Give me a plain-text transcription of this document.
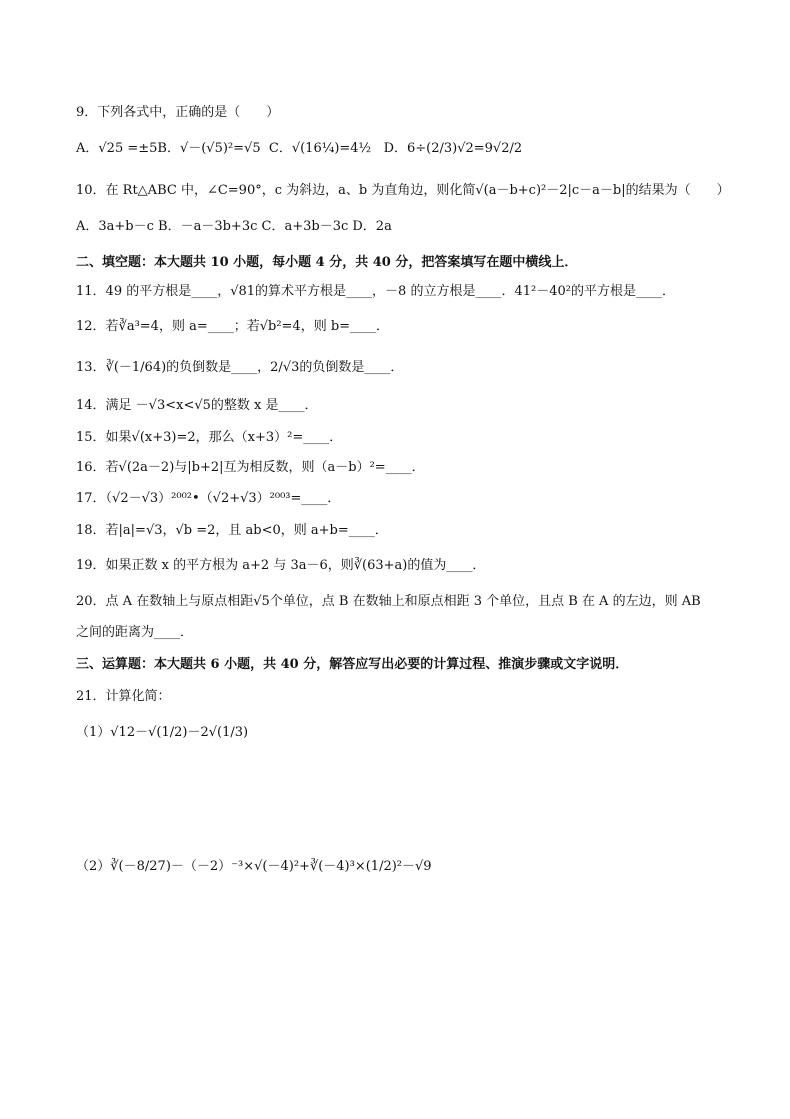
9．下列各式中，正确的是（　　）
A．√25 =±5B．√－(√5)²=√5 C．√(16¼)=4½ D．6÷(2/3)√2=9√2/2
10．在 Rt△ABC 中，∠C=90°，c 为斜边，a、b 为直角边，则化简√(a－b+c)²－2|c－a－b|的结果为（　　）
A．3a+b－c B．－a－3b+3c C．a+3b－3c D．2a
二、填空题：本大题共 10 小题，每小题 4 分，共 40 分，把答案填写在题中横线上．
11．49 的平方根是____，√81的算术平方根是____，－8 的立方根是____．41²－40²的平方根是____．
12．若∛a³=4，则 a=____；若√b²=4，则 b=____．
13．∛(－1/64)的负倒数是____，2/√3的负倒数是____．
14．满足 －√3<x<√5的整数 x 是____．
15．如果√(x+3)=2，那么（x+3）²=____．
16．若√(2a－2)与|b+2|互为相反数，则（a－b）²=____．
17．（√2－√3）²⁰⁰²•（√2+√3）²⁰⁰³=____．
18．若|a|=√3，√b =2，且 ab<0，则 a+b=____．
19．如果正数 x 的平方根为 a+2 与 3a－6，则∛(63+a)的值为____．
20．点 A 在数轴上与原点相距√5个单位，点 B 在数轴上和原点相距 3 个单位，且点 B 在 A 的左边，则 AB
之间的距离为____．
三、运算题：本大题共 6 小题，共 40 分，解答应写出必要的计算过程、推演步骤或文字说明．
21．计算化简：
（1）√12－√(1/2)－2√(1/3)
（2）∛(－8/27)－（－2）⁻³×√(－4)²+∛(－4)³×(1/2)²－√9
